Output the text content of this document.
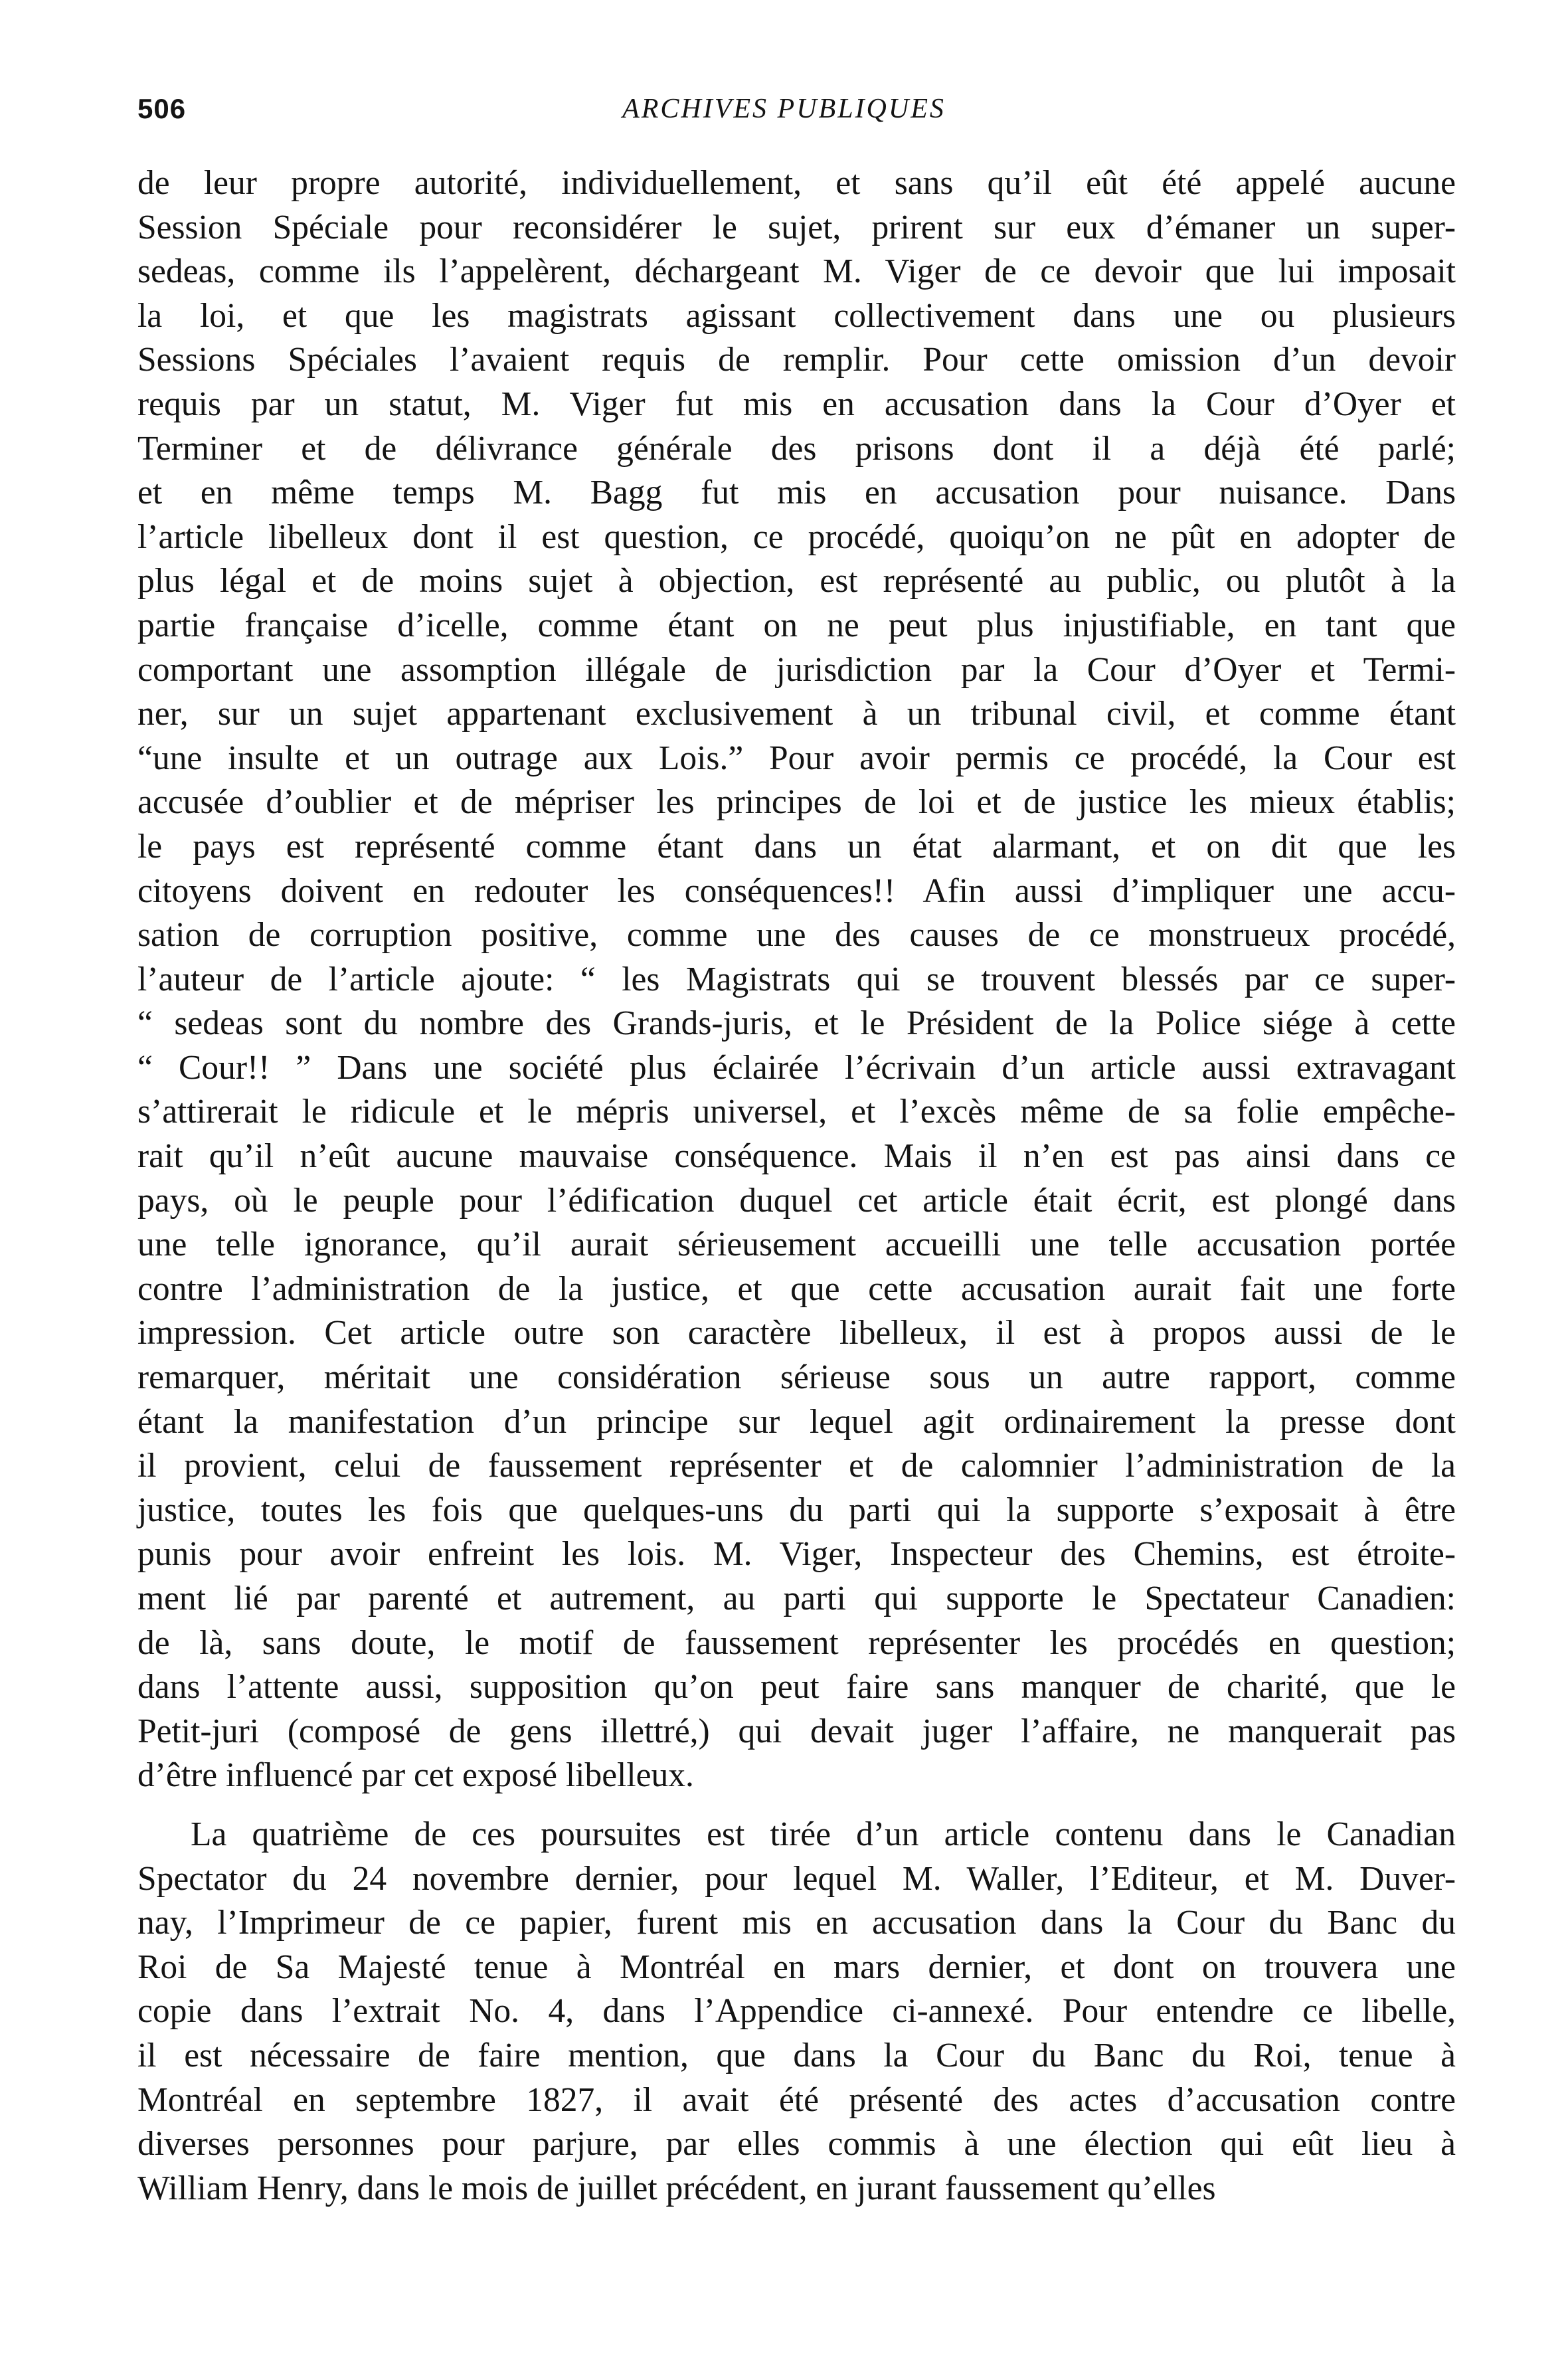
506	ARCHIVES PUBLIQUES
de leur propre autorité, individuellement, et sans qu’il eût été appelé aucune
Session Spéciale pour reconsidérer le sujet, prirent sur eux d’émaner un super-
sedeas, comme ils l’appelèrent, déchargeant M. Viger de ce devoir que lui imposait
la loi, et que les magistrats agissant collectivement dans une ou plusieurs
Sessions Spéciales l’avaient requis de remplir. Pour cette omission d’un devoir
requis par un statut, M. Viger fut mis en accusation dans la Cour d’Oyer et
Terminer et de délivrance générale des prisons dont il a déjà été parlé;
et en même temps M. Bagg fut mis en accusation pour nuisance. Dans
l’article libelleux dont il est question, ce procédé, quoiqu’on ne pût en adopter de
plus légal et de moins sujet à objection, est représenté au public, ou plutôt à la
partie française d’icelle, comme étant on ne peut plus injustifiable, en tant que
comportant une assomption illégale de jurisdiction par la Cour d’Oyer et Termi-
ner, sur un sujet appartenant exclusivement à un tribunal civil, et comme étant
“une insulte et un outrage aux Lois.” Pour avoir permis ce procédé, la Cour est
accusée d’oublier et de mépriser les principes de loi et de justice les mieux établis;
le pays est représenté comme étant dans un état alarmant, et on dit que les
citoyens doivent en redouter les conséquences!! Afin aussi d’impliquer une accu-
sation de corruption positive, comme une des causes de ce monstrueux procédé,
l’auteur de l’article ajoute: “ les Magistrats qui se trouvent blessés par ce super-
“ sedeas sont du nombre des Grands-juris, et le Président de la Police siége à cette
“ Cour!! ” Dans une société plus éclairée l’écrivain d’un article aussi extravagant
s’attirerait le ridicule et le mépris universel, et l’excès même de sa folie empêche-
rait qu’il n’eût aucune mauvaise conséquence. Mais il n’en est pas ainsi dans ce
pays, où le peuple pour l’édification duquel cet article était écrit, est plongé dans
une telle ignorance, qu’il aurait sérieusement accueilli une telle accusation portée
contre l’administration de la justice, et que cette accusation aurait fait une forte
impression. Cet article outre son caractère libelleux, il est à propos aussi de le
remarquer, méritait une considération sérieuse sous un autre rapport, comme
étant la manifestation d’un principe sur lequel agit ordinairement la presse dont
il provient, celui de faussement représenter et de calomnier l’administration de la
justice, toutes les fois que quelques-uns du parti qui la supporte s’exposait à être
punis pour avoir enfreint les lois. M. Viger, Inspecteur des Chemins, est étroite-
ment lié par parenté et autrement, au parti qui supporte le Spectateur Canadien:
de là, sans doute, le motif de faussement représenter les procédés en question;
dans l’attente aussi, supposition qu’on peut faire sans manquer de charité, que le
Petit-juri (composé de gens illettré,) qui devait juger l’affaire, ne manquerait pas
d’être influencé par cet exposé libelleux.
La quatrième de ces poursuites est tirée d’un article contenu dans le Canadian
Spectator du 24 novembre dernier, pour lequel M. Waller, l’Editeur, et M. Duver-
nay, l’Imprimeur de ce papier, furent mis en accusation dans la Cour du Banc du
Roi de Sa Majesté tenue à Montréal en mars dernier, et dont on trouvera une
copie dans l’extrait No. 4, dans l’Appendice ci-annexé. Pour entendre ce libelle,
il est nécessaire de faire mention, que dans la Cour du Banc du Roi, tenue à
Montréal en septembre 1827, il avait été présenté des actes d’accusation contre
diverses personnes pour parjure, par elles commis à une élection qui eût lieu à
William Henry, dans le mois de juillet précédent, en jurant faussement qu’elles
